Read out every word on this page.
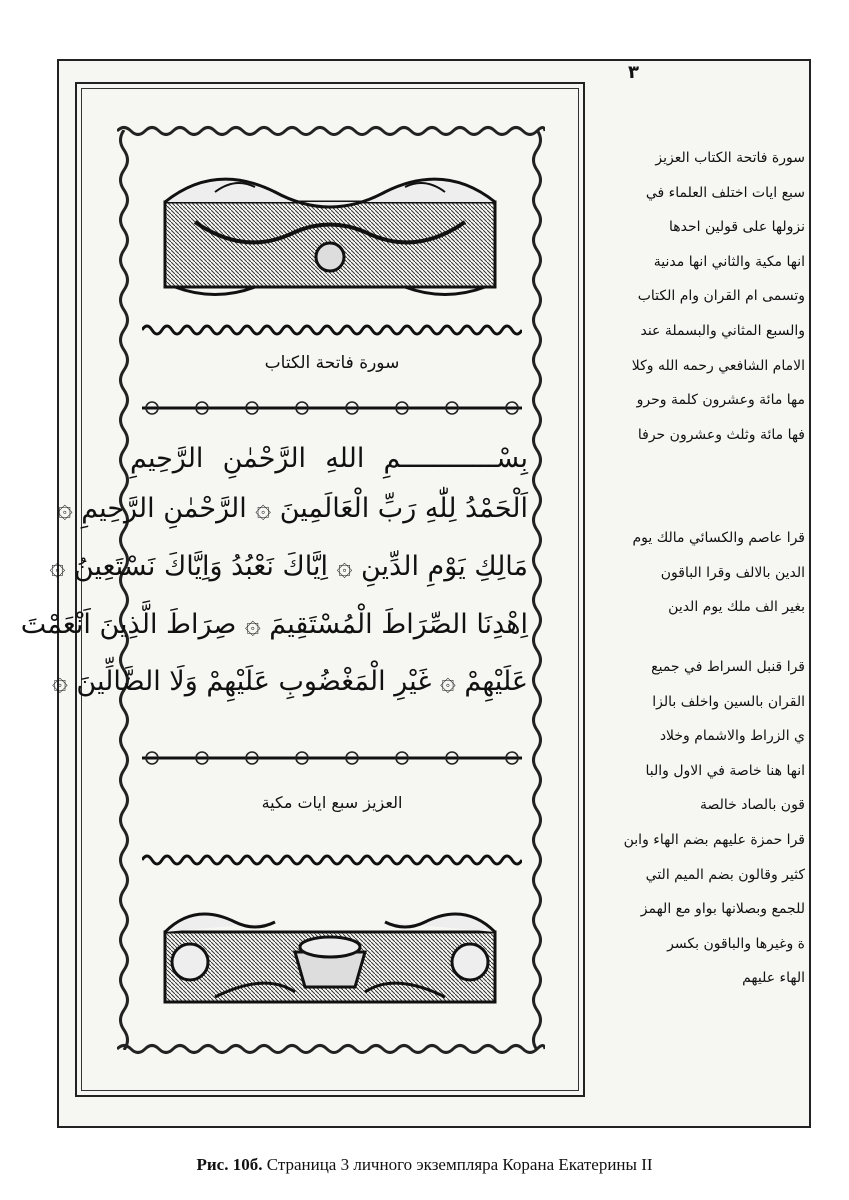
٣
سورة فاتحة الكتاب
بِسْــــــــــــمِ اللهِ الرَّحْمٰنِ الرَّحِيمِ
اَلْحَمْدُ لِلّٰهِ رَبِّ الْعَالَمِينَ ۞ الرَّحْمٰنِ الرَّحِيمِ ۞
مَالِكِ يَوْمِ الدِّينِ ۞ اِيَّاكَ نَعْبُدُ وَاِيَّاكَ نَسْتَعِينُ ۞
اِهْدِنَا الصِّرَاطَ الْمُسْتَقِيمَ ۞ صِرَاطَ الَّذِينَ اَنْعَمْتَ
عَلَيْهِمْ ۞ غَيْرِ الْمَغْضُوبِ عَلَيْهِمْ وَلَا الضَّالِّينَ ۞
العزيز سبع ايات مكية
سورة فاتحة الكتاب العزيز
سبع ايات اختلف العلماء في
نزولها على قولين احدها
انها مكية والثاني انها مدنية
وتسمى ام القران وام الكتاب
والسبع المثاني والبسملة عند
الامام الشافعي رحمه الله وكلا
مها مائة وعشرون كلمة وحرو
فها مائة وثلث وعشرون حرفا
قرا عاصم والكسائي مالك يوم
الدين بالالف وقرا الباقون
بغير الف ملك يوم الدين
قرا قنبل السراط في جميع
القران بالسين واخلف بالزا
ي الزراط والاشمام وخلاد
انها هنا خاصة في الاول والبا
قون بالصاد خالصة
قرا حمزة عليهم بضم الهاء وابن
كثير وقالون بضم الميم التي
للجمع وبصلانها بواو مع الهمز
ة وغيرها والباقون بكسر
الهاء عليهم
Рис. 10б. Страница 3 личного экземпляра Корана Екатерины II
